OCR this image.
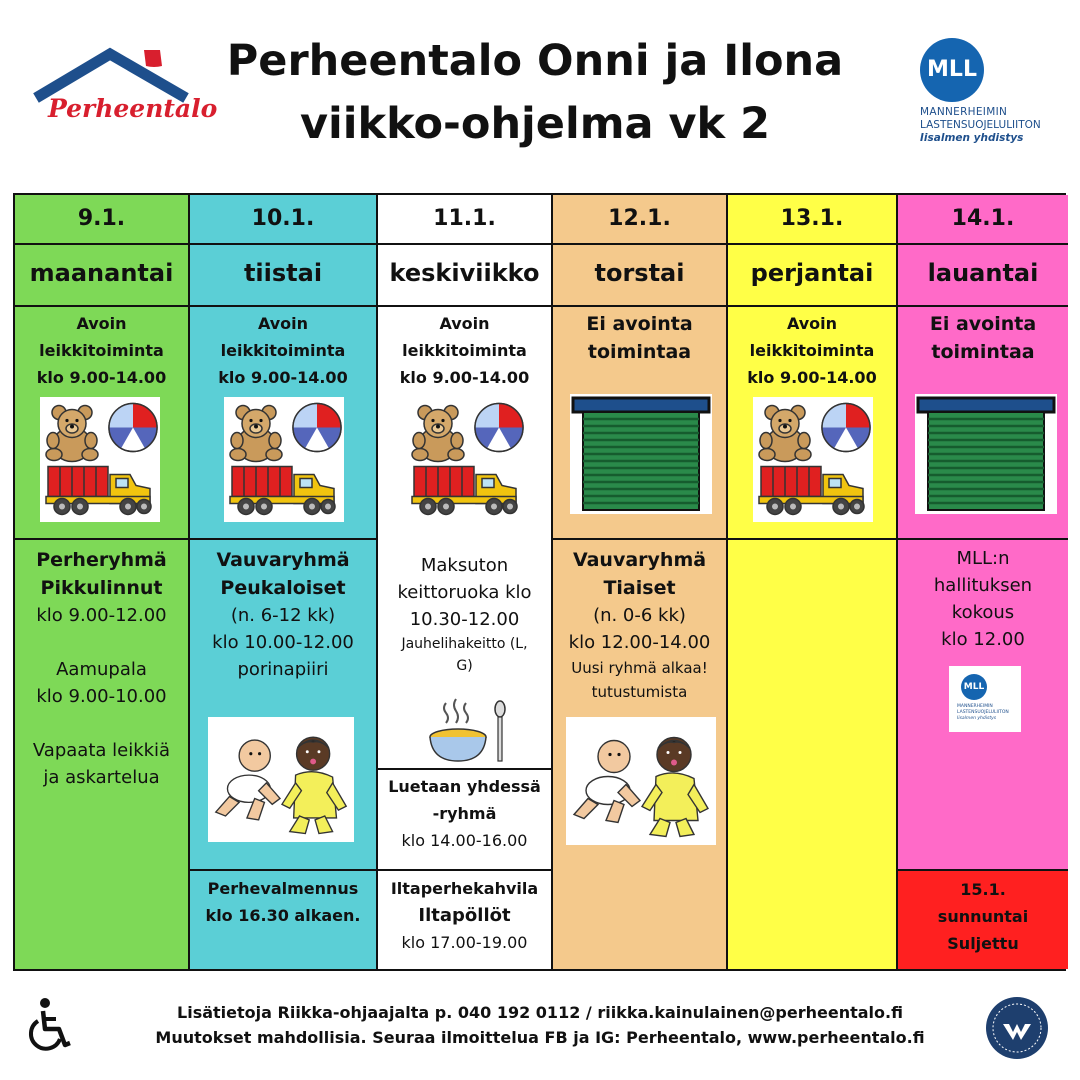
Perheentalo
Perheentalo Onni ja Ilona
viikko-ohjelma vk 2
MLL
MANNERHEIMIN
LASTENSUOJELULIITON
Iisalmen yhdistys
9.1.
maanantai
Avoin
leikkitoiminta
klo 9.00-14.00
Perheryhmä
Pikkulinnut
klo 9.00-12.00
Aamupala
klo 9.00-10.00
Vapaata leikkiä
ja askartelua
10.1.
tiistai
Avoin
leikkitoiminta
klo 9.00-14.00
Vauvaryhmä
Peukaloiset
(n. 6-12 kk)
klo 10.00-12.00
porinapiiri
Perhevalmennus
klo 16.30 alkaen.
11.1.
keskiviikko
Avoin
leikkitoiminta
klo 9.00-14.00
Maksuton
keittoruoka klo
10.30-12.00
Jauhelihakeitto (L,
G)
Luetaan yhdessä
-ryhmä
klo 14.00-16.00
Iltaperhekahvila
Iltapöllöt
klo 17.00-19.00
12.1.
torstai
Ei avointa
toimintaa
Vauvaryhmä
Tiaiset
(n. 0-6 kk)
klo 12.00-14.00
Uusi ryhmä alkaa!
tutustumista
13.1.
perjantai
Avoin
leikkitoiminta
klo 9.00-14.00
14.1.
lauantai
Ei avointa
toimintaa
MLL:n
hallituksen
kokous
klo 12.00
MLL
MANNERHEIMIN
LASTENSUOJELULIITON
Iisalmen yhdistys
15.1.
sunnuntai
Suljettu
Lisätietoja Riikka-ohjaajalta p. 040 192 0112 / riikka.kainulainen@perheentalo.fi
Muutokset mahdollisia. Seuraa ilmoittelua FB ja IG: Perheentalo, www.perheentalo.fi
